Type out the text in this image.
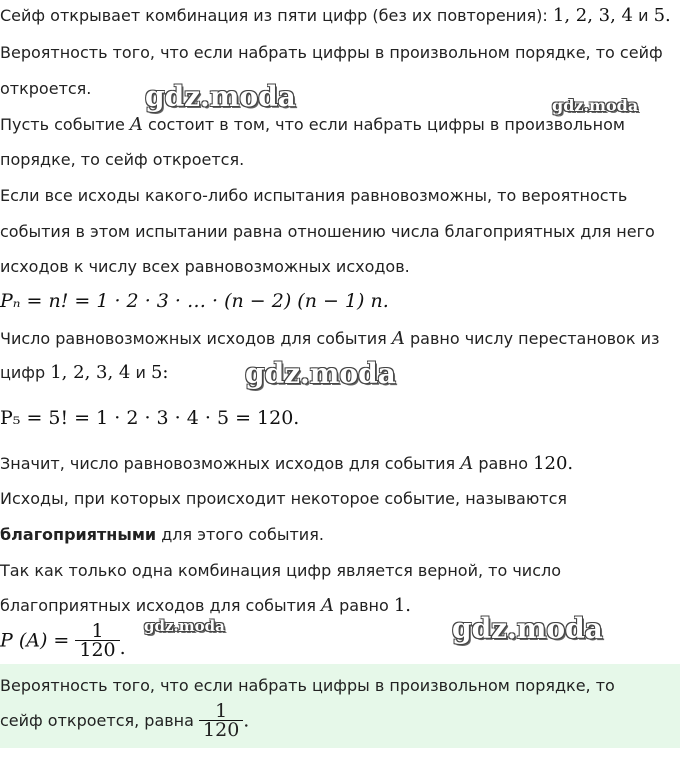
Сейф открывает комбинация из пяти цифр (без их повторения): 1, 2, 3, 4 и 5.
Вероятность того, что если набрать цифры в произвольном порядке, то сейф
откроется.
Пусть событие A состоит в том, что если набрать цифры в произвольном
порядке, то сейф откроется.
Если все исходы какого-либо испытания равновозможны, то вероятность
события в этом испытании равна отношению числа благоприятных для него
исходов к числу всех равновозможных исходов.
Pₙ = n! = 1 · 2 · 3 · … · (n − 2) (n − 1) n.
Число равновозможных исходов для события A равно числу перестановок из
цифр 1, 2, 3, 4 и 5:
P₅ = 5! = 1 · 2 · 3 · 4 · 5 = 120.
Значит, число равновозможных исходов для события A равно 120.
Исходы, при которых происходит некоторое событие, называются
благоприятными для этого события.
Так как только одна комбинация цифр является верной, то число
благоприятных исходов для события A равно 1.
P $(A) = \frac{1}{120}$ .
Вероятность того, что если набрать цифры в произвольном порядке, то
сейф откроется, равна $\frac{1}{120}$ .
gdz.moda	gdz.moda
gdz.moda
gdz.moda	gdz.moda
